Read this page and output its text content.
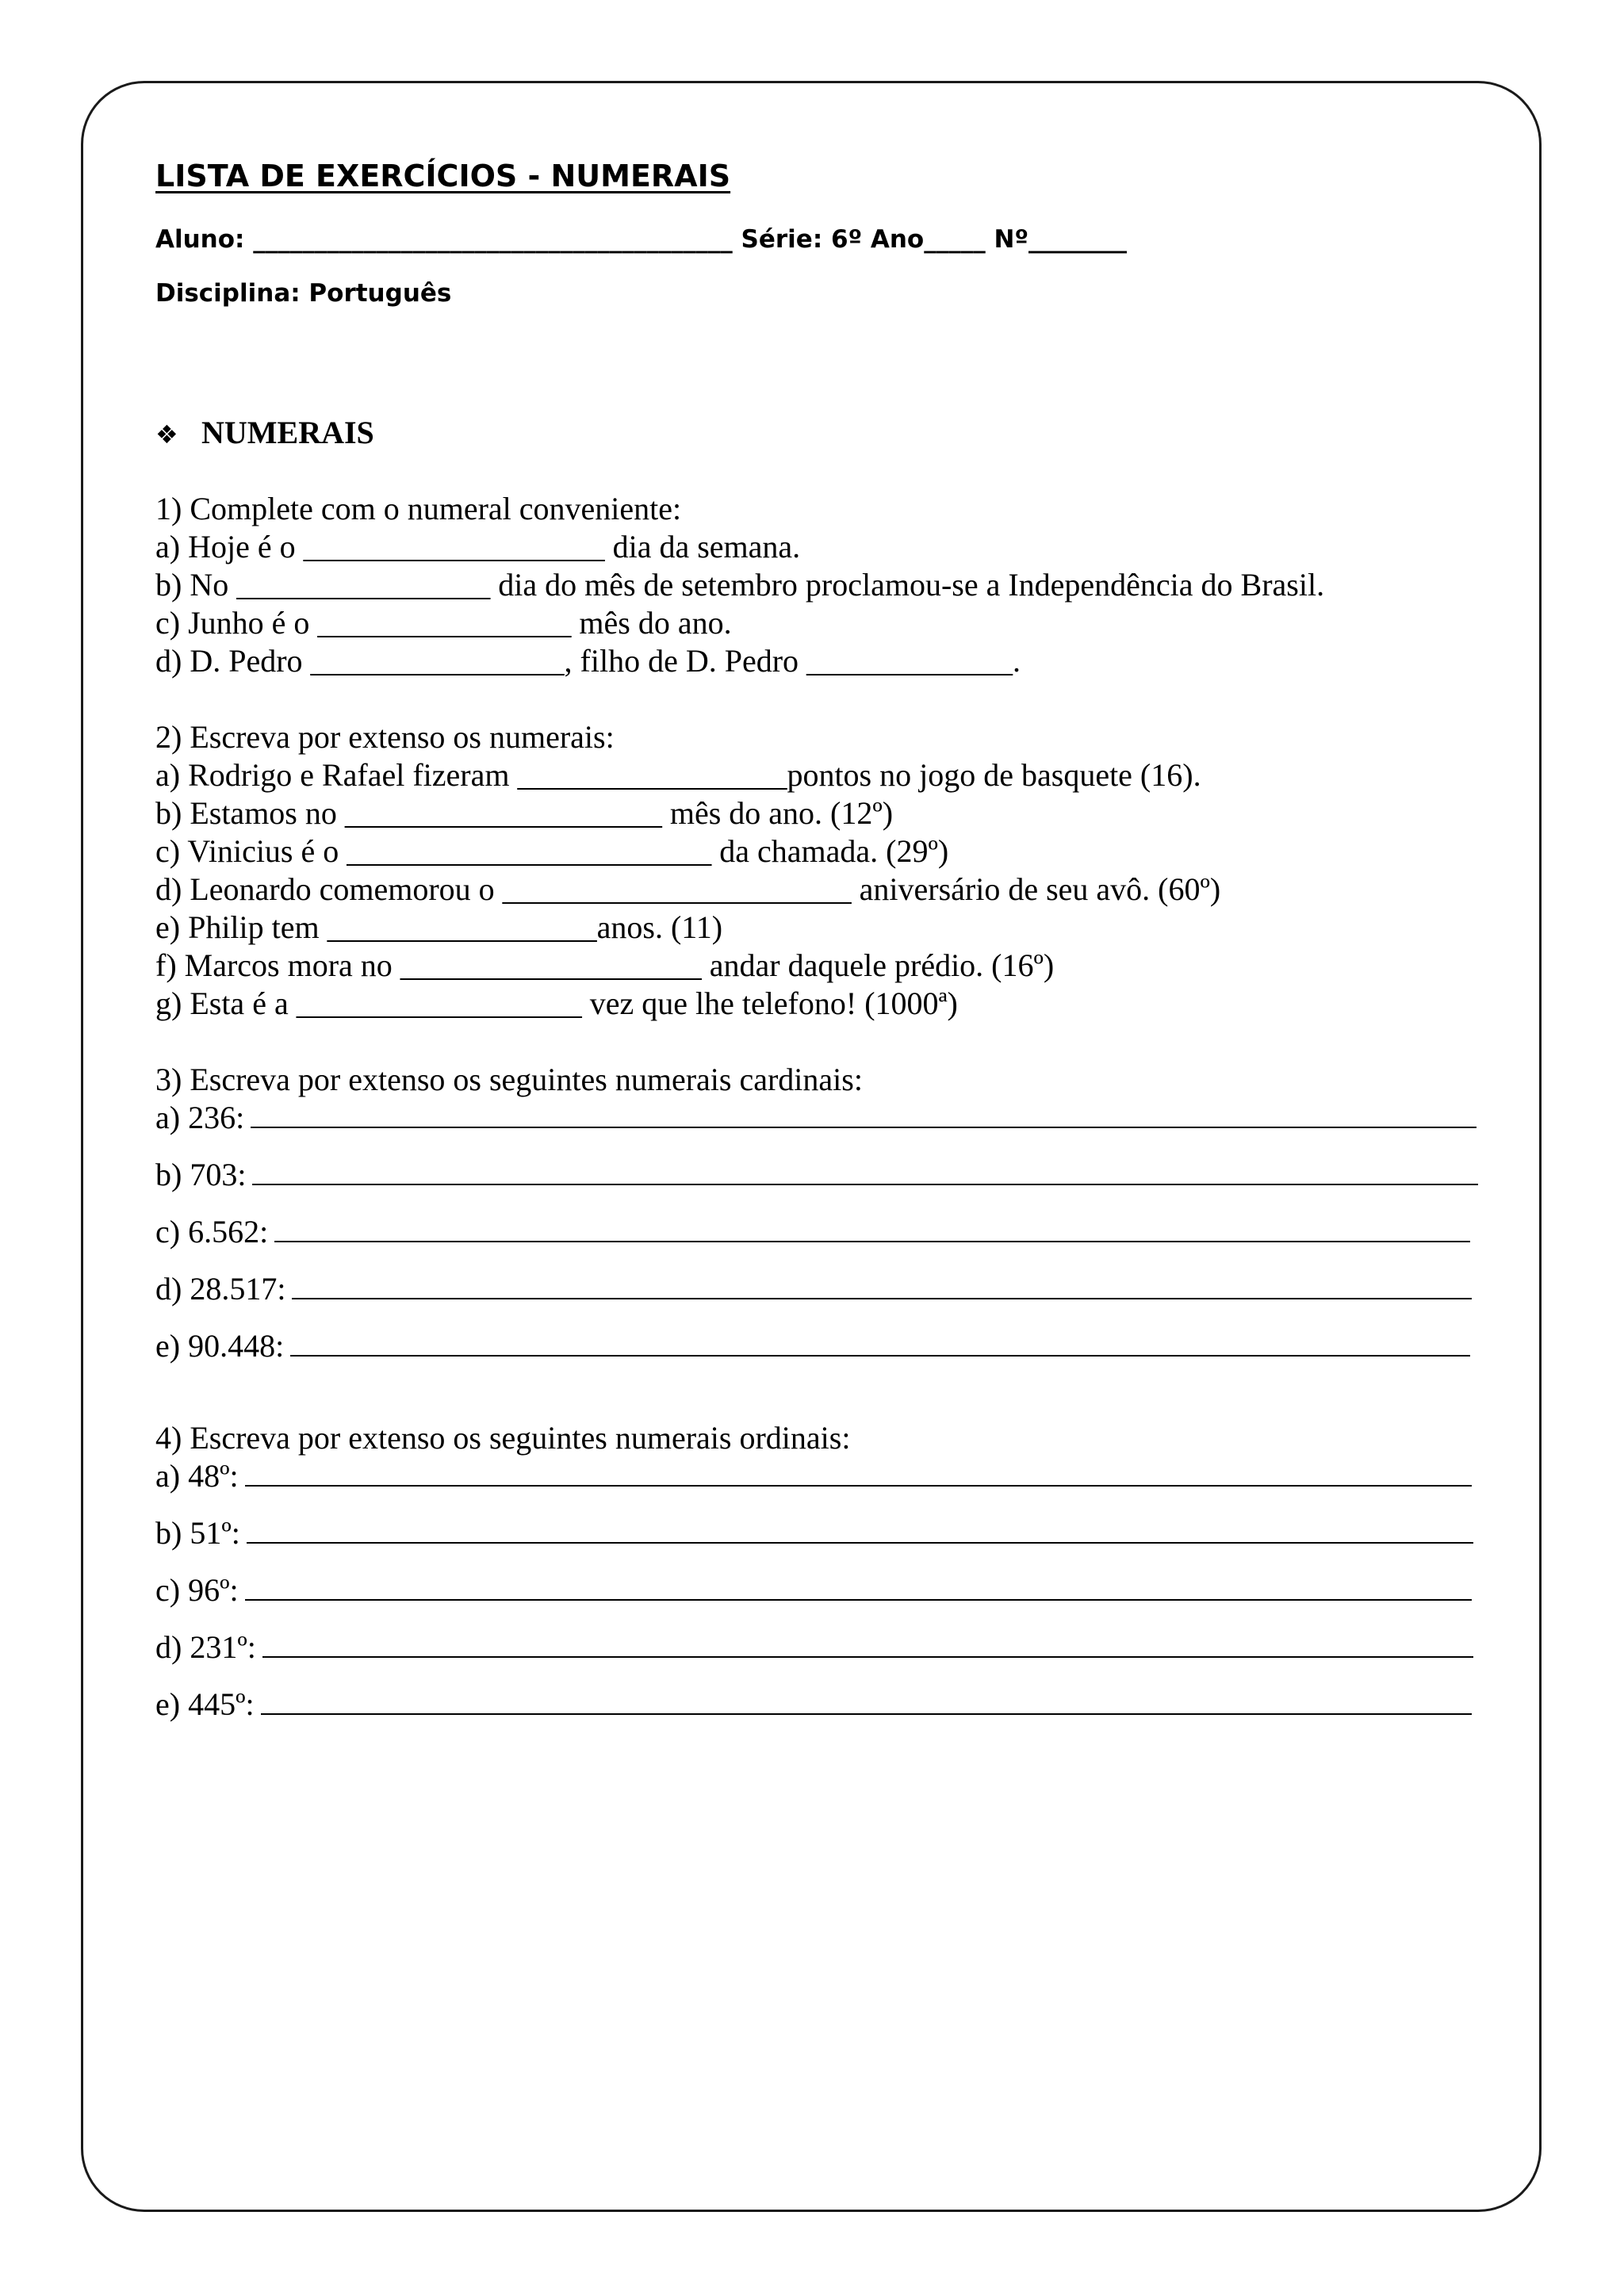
LISTA DE EXERCÍCIOS - NUMERAIS
Aluno: _______________________________________ Série: 6º Ano_____ Nº________
Disciplina: Português
❖ NUMERAIS
1) Complete com o numeral conveniente:
a) Hoje é o ___________________ dia da semana.
b) No ________________ dia do mês de setembro proclamou-se a Independência do Brasil.
c) Junho é o ________________ mês do ano.
d) D. Pedro ________________, filho de D. Pedro _____________.
2) Escreva por extenso os numerais:
a) Rodrigo e Rafael fizeram _________________pontos no jogo de basquete (16).
b) Estamos no ____________________ mês do ano. (12º)
c) Vinicius é o _______________________ da chamada. (29º)
d) Leonardo comemorou o ______________________ aniversário de seu avô. (60º)
e) Philip tem _________________anos. (11)
f) Marcos mora no ___________________ andar daquele prédio. (16º)
g) Esta é a __________________ vez que lhe telefono! (1000ª)
3) Escreva por extenso os seguintes numerais cardinais:
a) 236:
b) 703:
c) 6.562:
d) 28.517:
e) 90.448:
4) Escreva por extenso os seguintes numerais ordinais:
a) 48º:
b) 51º:
c) 96º:
d) 231º:
e) 445º:
